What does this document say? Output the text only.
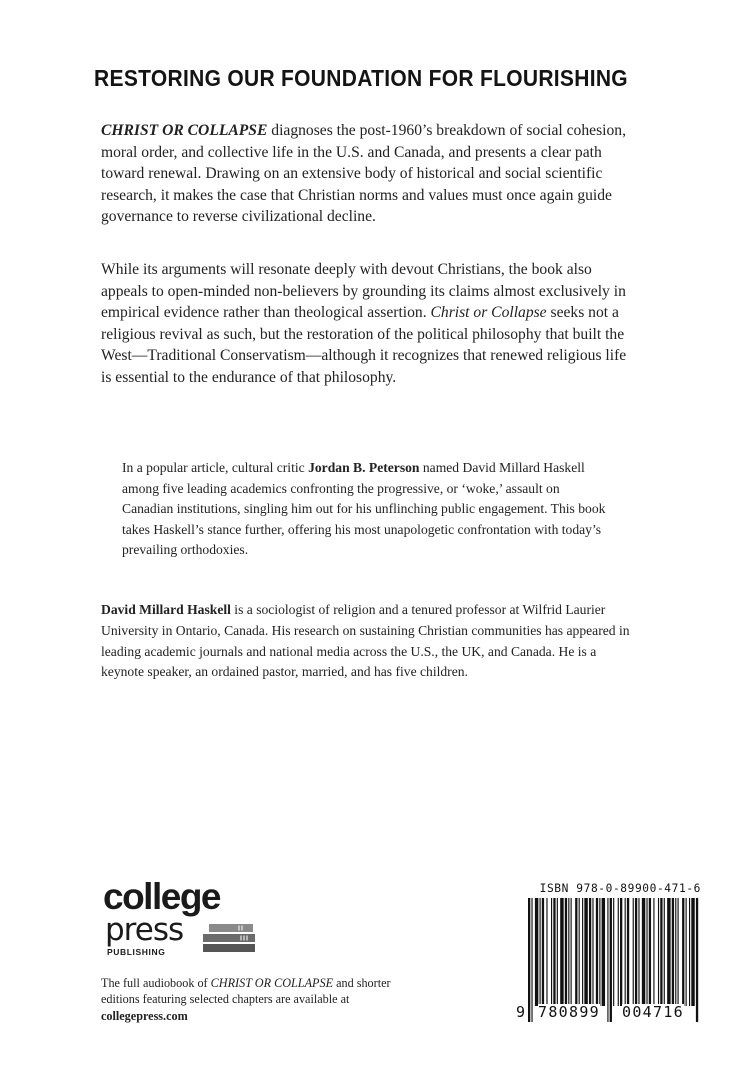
RESTORING OUR FOUNDATION FOR FLOURISHING

CHRIST OR COLLAPSE diagnoses the post-1960’s breakdown of social cohesion, moral order, and collective life in the U.S. and Canada, and presents a clear path toward renewal. Drawing on an extensive body of historical and social scientific research, it makes the case that Christian norms and values must once again guide governance to reverse civilizational decline.

While its arguments will resonate deeply with devout Christians, the book also appeals to open-minded non-believers by grounding its claims almost exclusively in empirical evidence rather than theological assertion. Christ or Collapse seeks not a religious revival as such, but the restoration of the political philosophy that built the West—Traditional Conservatism—although it recognizes that renewed religious life is essential to the endurance of that philosophy.

In a popular article, cultural critic Jordan B. Peterson named David Millard Haskell among five leading academics confronting the progressive, or ‘woke,’ assault on Canadian institutions, singling him out for his unflinching public engagement. This book takes Haskell’s stance further, offering his most unapologetic confrontation with today’s prevailing orthodoxies.

David Millard Haskell is a sociologist of religion and a tenured professor at Wilfrid Laurier University in Ontario, Canada. His research on sustaining Christian communities has appeared in leading academic journals and national media across the U.S., the UK, and Canada. He is a keynote speaker, an ordained pastor, married, and has five children.

college
press
PUBLISHING

The full audiobook of CHRIST OR COLLAPSE and shorter editions featuring selected chapters are available at collegepress.com

ISBN 978-0-89900-471-6
9 780899 004716
